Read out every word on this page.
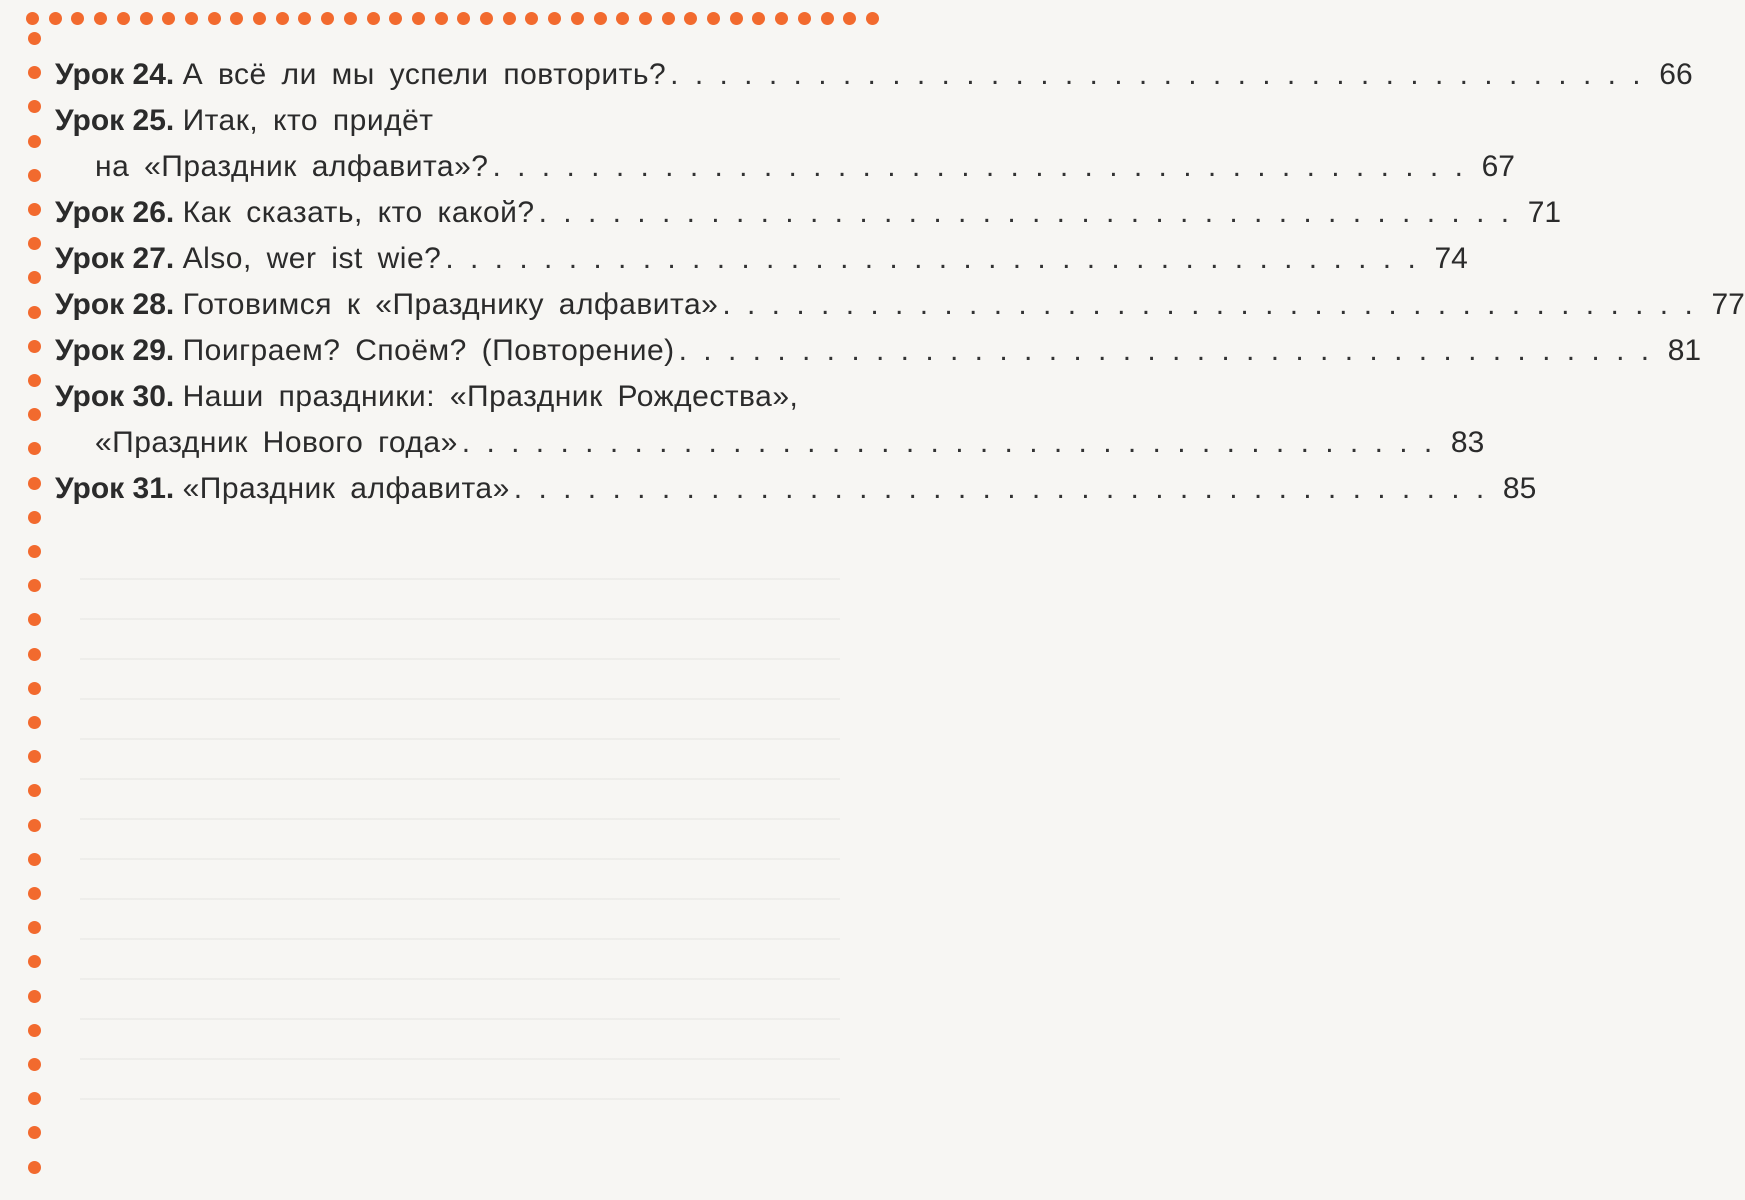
Урок 24. А всё ли мы успели повторить? . . . . . . . . . . . . . . . . . . . . . . . . . . . . . . . . . . . . . . . . 66
Урок 25. Итак, кто придёт
на «Праздник алфавита»? . . . . . . . . . . . . . . . . . . . . . . . . . . . . . . . . . . . . . . . . 67
Урок 26. Как сказать, кто какой? . . . . . . . . . . . . . . . . . . . . . . . . . . . . . . . . . . . . . . . . 71
Урок 27. Also, wer ist wie? . . . . . . . . . . . . . . . . . . . . . . . . . . . . . . . . . . . . . . . . 74
Урок 28. Готовимся к «Празднику алфавита» . . . . . . . . . . . . . . . . . . . . . . . . . . . . . . . . . . . . . . . . 77
Урок 29. Поиграем? Споём? (Повторение) . . . . . . . . . . . . . . . . . . . . . . . . . . . . . . . . . . . . . . . . 81
Урок 30. Наши праздники: «Праздник Рождества»,
«Праздник Нового года» . . . . . . . . . . . . . . . . . . . . . . . . . . . . . . . . . . . . . . . . 83
Урок 31. «Праздник алфавита» . . . . . . . . . . . . . . . . . . . . . . . . . . . . . . . . . . . . . . . . 85
